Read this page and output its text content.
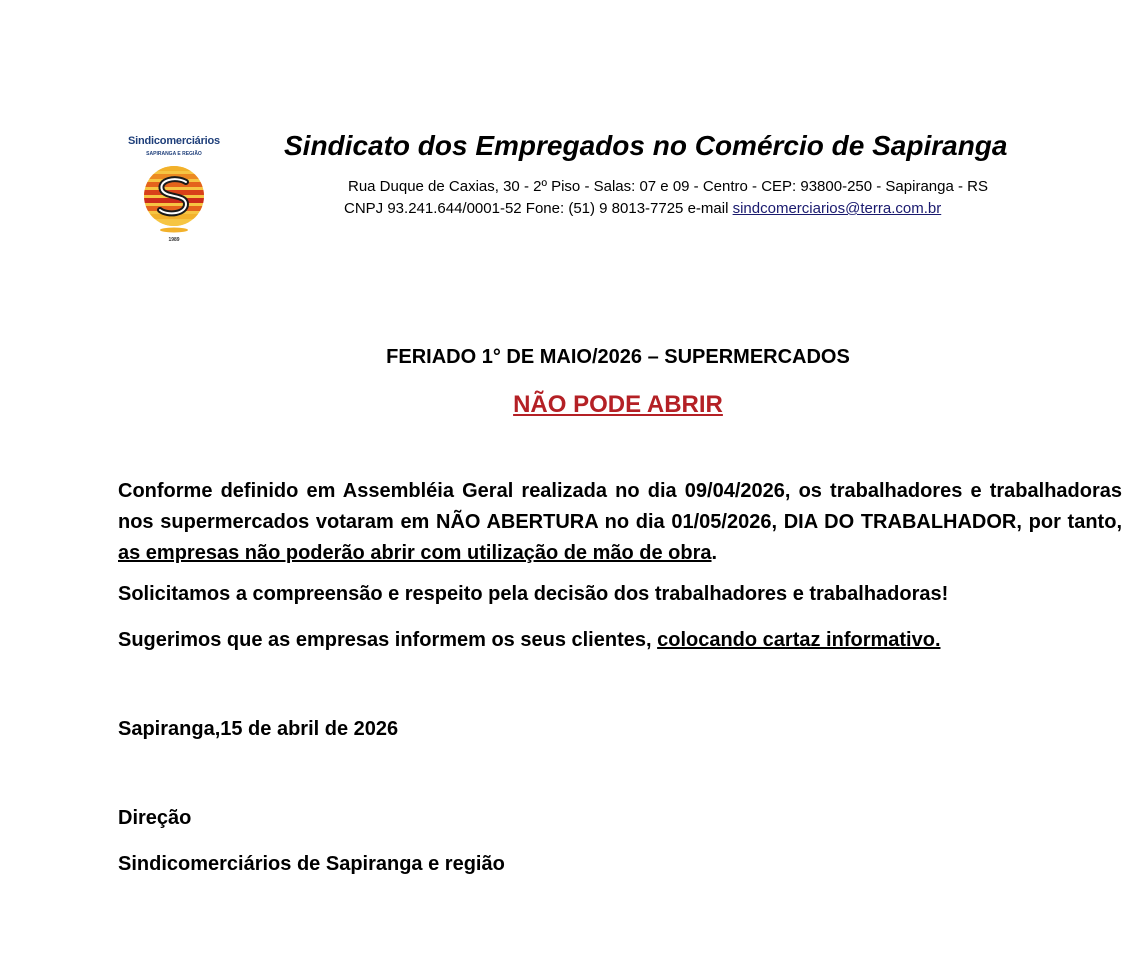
Sindicomerciários
SAPIRANGA E REGIÃO
1989
Sindicato dos Empregados no Comércio de Sapiranga
Rua Duque de Caxias, 30 - 2º Piso - Salas: 07 e 09 - Centro - CEP: 93800-250 - Sapiranga - RS
CNPJ 93.241.644/0001-52 Fone: (51) 9 8013-7725 e-mail sindcomerciarios@terra.com.br
FERIADO 1° DE MAIO/2026 – SUPERMERCADOS
NÃO PODE ABRIR
Conforme definido em Assembléia Geral realizada no dia 09/04/2026, os trabalhadores e trabalhadoras nos supermercados votaram em NÃO ABERTURA no dia 01/05/2026, DIA DO TRABALHADOR, por tanto, as empresas não poderão abrir com utilização de mão de obra.
Solicitamos a compreensão e respeito pela decisão dos trabalhadores e trabalhadoras!
Sugerimos que as empresas informem os seus clientes, colocando cartaz informativo.
Sapiranga,15 de abril de 2026
Direção
Sindicomerciários de Sapiranga e região
